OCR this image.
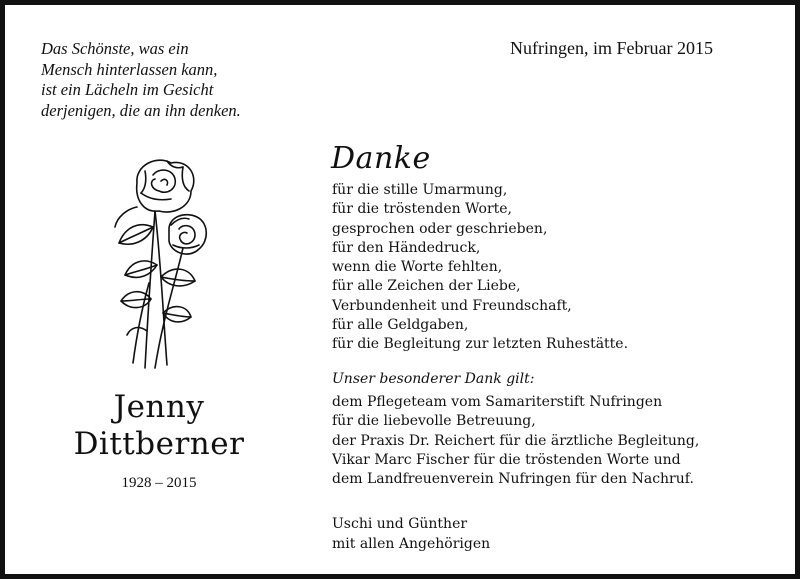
Das Schönste, was ein
Mensch hinterlassen kann,
ist ein Lächeln im Gesicht
derjenigen, die an ihn denken.
Nufringen, im Februar 2015
Jenny
Dittberner
1928 – 2015
Danke
für die stille Umarmung,
für die tröstenden Worte,
gesprochen oder geschrieben,
für den Händedruck,
wenn die Worte fehlten,
für alle Zeichen der Liebe,
Verbundenheit und Freundschaft,
für alle Geldgaben,
für die Begleitung zur letzten Ruhestätte.
Unser besonderer Dank gilt:
dem Pflegeteam vom Samariterstift Nufringen
für die liebevolle Betreuung,
der Praxis Dr. Reichert für die ärztliche Begleitung,
Vikar Marc Fischer für die tröstenden Worte und
dem Landfreuenverein Nufringen für den Nachruf.
Uschi und Günther
mit allen Angehörigen
